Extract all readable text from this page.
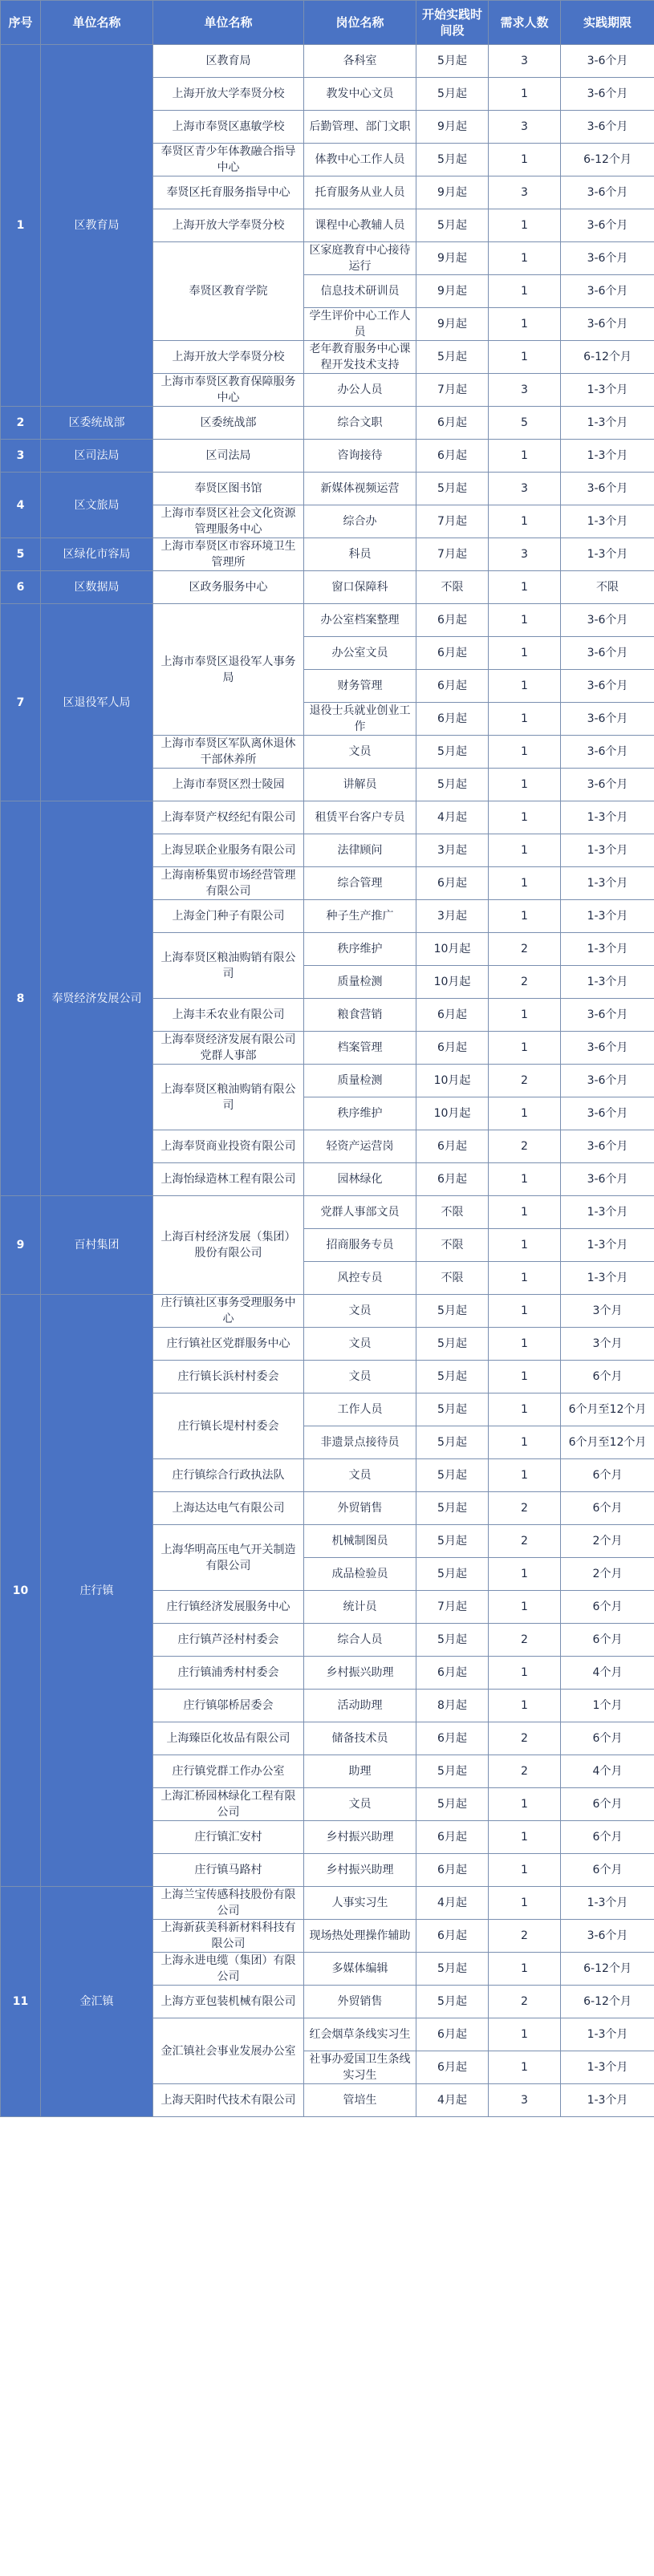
序号	单位名称	单位名称	岗位名称	开始实践时间段	需求人数	实践期限
1	区教育局	区教育局	各科室	5月起	3	3-6个月
		上海开放大学奉贤分校	教发中心文员	5月起	1	3-6个月
		上海市奉贤区惠敏学校	后勤管理、部门文职	9月起	3	3-6个月
		奉贤区青少年体教融合指导中心	体教中心工作人员	5月起	1	6-12个月
		奉贤区托育服务指导中心	托育服务从业人员	9月起	3	3-6个月
		上海开放大学奉贤分校	课程中心教辅人员	5月起	1	3-6个月
		奉贤区教育学院	区家庭教育中心接待运行	9月起	1	3-6个月
			信息技术研训员	9月起	1	3-6个月
			学生评价中心工作人员	9月起	1	3-6个月
		上海开放大学奉贤分校	老年教育服务中心课程开发技术支持	5月起	1	6-12个月
		上海市奉贤区教育保障服务中心	办公人员	7月起	3	1-3个月
2	区委统战部	区委统战部	综合文职	6月起	5	1-3个月
3	区司法局	区司法局	咨询接待	6月起	1	1-3个月
4	区文旅局	奉贤区图书馆	新媒体视频运营	5月起	3	3-6个月
		上海市奉贤区社会文化资源管理服务中心	综合办	7月起	1	1-3个月
5	区绿化市容局	上海市奉贤区市容环境卫生管理所	科员	7月起	3	1-3个月
6	区数据局	区政务服务中心	窗口保障科	不限	1	不限
7	区退役军人局	上海市奉贤区退役军人事务局	办公室档案整理	6月起	1	3-6个月
			办公室文员	6月起	1	3-6个月
			财务管理	6月起	1	3-6个月
			退役士兵就业创业工作	6月起	1	3-6个月
		上海市奉贤区军队离休退休干部休养所	文员	5月起	1	3-6个月
		上海市奉贤区烈士陵园	讲解员	5月起	1	3-6个月
8	奉贤经济发展公司	上海奉贤产权经纪有限公司	租赁平台客户专员	4月起	1	1-3个月
		上海昱联企业服务有限公司	法律顾问	3月起	1	1-3个月
		上海南桥集贸市场经营管理有限公司	综合管理	6月起	1	1-3个月
		上海金门种子有限公司	种子生产推广	3月起	1	1-3个月
		上海奉贤区粮油购销有限公司	秩序维护	10月起	2	1-3个月
			质量检测	10月起	2	1-3个月
		上海丰禾农业有限公司	粮食营销	6月起	1	3-6个月
		上海奉贤经济发展有限公司党群人事部	档案管理	6月起	1	3-6个月
		上海奉贤区粮油购销有限公司	质量检测	10月起	2	3-6个月
			秩序维护	10月起	1	3-6个月
		上海奉贤商业投资有限公司	轻资产运营岗	6月起	2	3-6个月
		上海怡绿造林工程有限公司	园林绿化	6月起	1	3-6个月
9	百村集团	上海百村经济发展（集团）股份有限公司	党群人事部文员	不限	1	1-3个月
			招商服务专员	不限	1	1-3个月
			风控专员	不限	1	1-3个月
10	庄行镇	庄行镇社区事务受理服务中心	文员	5月起	1	3个月
		庄行镇社区党群服务中心	文员	5月起	1	3个月
		庄行镇长浜村村委会	文员	5月起	1	6个月
		庄行镇长堤村村委会	工作人员	5月起	1	6个月至12个月
			非遗景点接待员	5月起	1	6个月至12个月
		庄行镇综合行政执法队	文员	5月起	1	6个月
		上海达达电气有限公司	外贸销售	5月起	2	6个月
		上海华明高压电气开关制造有限公司	机械制图员	5月起	2	2个月
			成品检验员	5月起	1	2个月
		庄行镇经济发展服务中心	统计员	7月起	1	6个月
		庄行镇芦泾村村委会	综合人员	5月起	2	6个月
		庄行镇浦秀村村委会	乡村振兴助理	6月起	1	4个月
		庄行镇邬桥居委会	活动助理	8月起	1	1个月
		上海臻臣化妆品有限公司	储备技术员	6月起	2	6个月
		庄行镇党群工作办公室	助理	5月起	2	4个月
		上海汇桥园林绿化工程有限公司	文员	5月起	1	6个月
		庄行镇汇安村	乡村振兴助理	6月起	1	6个月
		庄行镇马路村	乡村振兴助理	6月起	1	6个月
11	金汇镇	上海兰宝传感科技股份有限公司	人事实习生	4月起	1	1-3个月
		上海新荻美科新材料科技有限公司	现场热处理操作辅助	6月起	2	3-6个月
		上海永进电缆（集团）有限公司	多媒体编辑	5月起	1	6-12个月
		上海方亚包装机械有限公司	外贸销售	5月起	2	6-12个月
		金汇镇社会事业发展办公室	红会烟草条线实习生	6月起	1	1-3个月
			社事办爱国卫生条线实习生	6月起	1	1-3个月
		上海天阳时代技术有限公司	管培生	4月起	3	1-3个月
